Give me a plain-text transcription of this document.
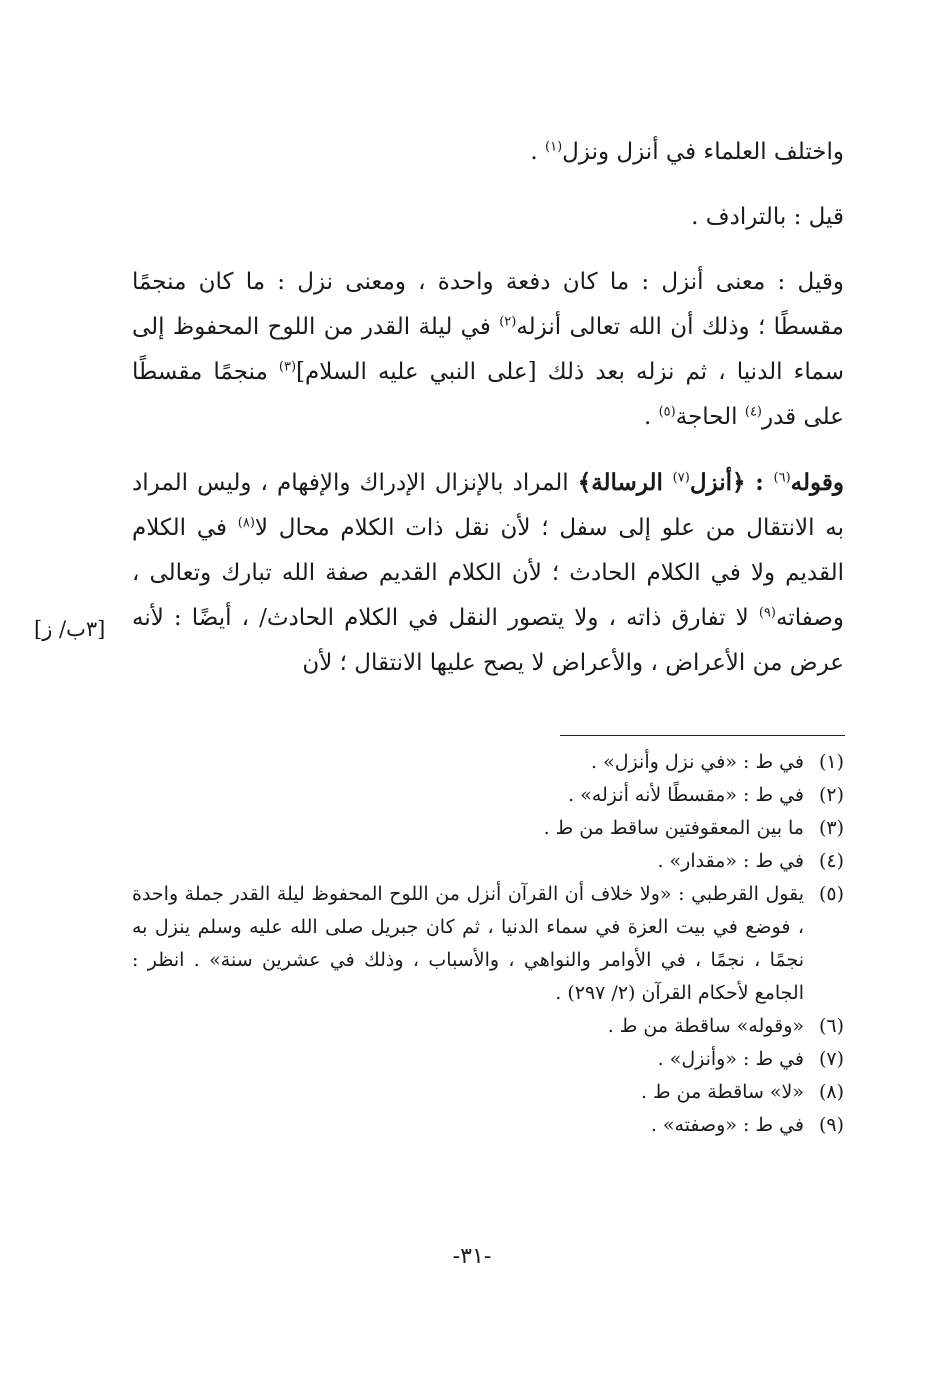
واختلف العلماء في أنزل ونزل$^{(١)}$ .

قيل : بالترادف .

وقيل : معنى أنزل : ما كان دفعة واحدة ، ومعنى نزل : ما كان منجمًا مقسطًا ؛ وذلك أن الله تعالى أنزله$^{(٢)}$ في ليلة القدر من اللوح المحفوظ إلى سماء الدنيا ، ثم نزله بعد ذلك [على النبي عليه السلام]$^{(٣)}$ منجمًا مقسطًا على قدر$^{(٤)}$ الحاجة$^{(٥)}$ .

وقوله$^{(٦)}$ : ﴿أنزل$^{(٧)}$ الرسالة﴾ المراد بالإنزال الإدراك والإفهام ، وليس المراد به الانتقال من علو إلى سفل ؛ لأن نقل ذات الكلام محال لا$^{(٨)}$ في الكلام القديم ولا في الكلام الحادث ؛ لأن الكلام القديم صفة الله تبارك وتعالى ، وصفاته$^{(٩)}$ لا تفارق ذاته ، ولا يتصور النقل في الكلام الحادث/ ، أيضًا : لأنه عرض من الأعراض ، والأعراض لا يصح عليها الانتقال ؛ لأن

[٣ب/ ز]
(١)
في ط : «في نزل وأنزل» .
(٢)
في ط : «مقسطًا لأنه أنزله» .
(٣)
ما بين المعقوفتين ساقط من ط .
(٤)
في ط : «مقدار» .
(٥)
يقول القرطبي : «ولا خلاف أن القرآن أنزل من اللوح المحفوظ ليلة القدر جملة واحدة ، فوضع في بيت العزة في سماء الدنيا ، ثم كان جبريل صلى الله عليه وسلم ينزل به نجمًا ، نجمًا ، في الأوامر والنواهي ، والأسباب ، وذلك في عشرين سنة» . انظر : الجامع لأحكام القرآن (٢/ ٢٩٧) .
(٦)
«وقوله» ساقطة من ط .
(٧)
في ط : «وأنزل» .
(٨)
«لا» ساقطة من ط .
(٩)
في ط : «وصفته» .
-٣١-
